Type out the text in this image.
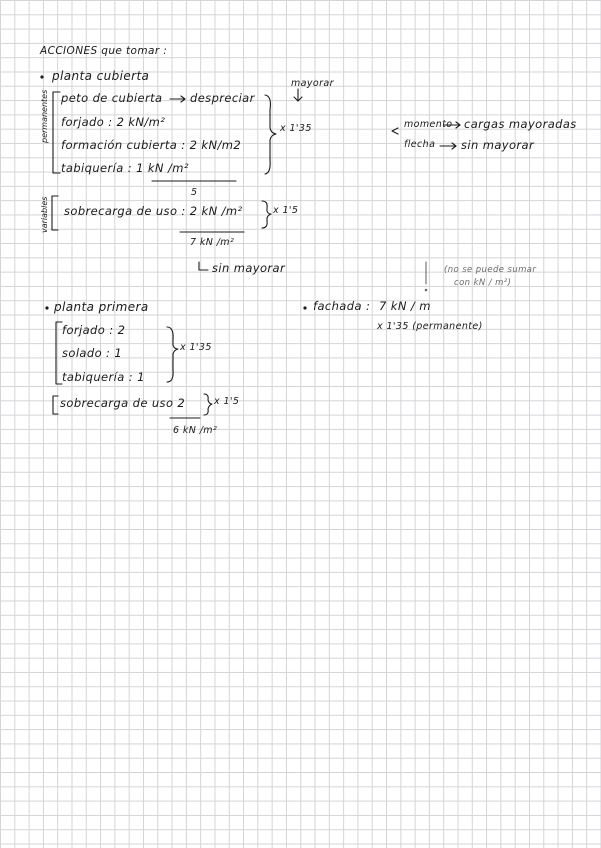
ACCIONES que tomar :
planta cubierta
mayorar
permanentes peto de cubierta despreciar
forjado : 2 kN/m²
formación cubierta : 2 kN/m2
tabiquería : 1 kN /m²
x 1'35
5
variables sobrecarga de uso : 2 kN /m²	x 1'5
7 kN /m²
sin mayorar
momento cargas mayoradas
flecha sin mayorar
(no se puede sumar
con kN / m²)
planta primera
forjado : 2
solado : 1
tabiquería : 1
x 1'35
sobrecarga de uso 2	x 1'5
6 kN /m²
fachada : 7 kN / m
x 1'35 (permanente)
